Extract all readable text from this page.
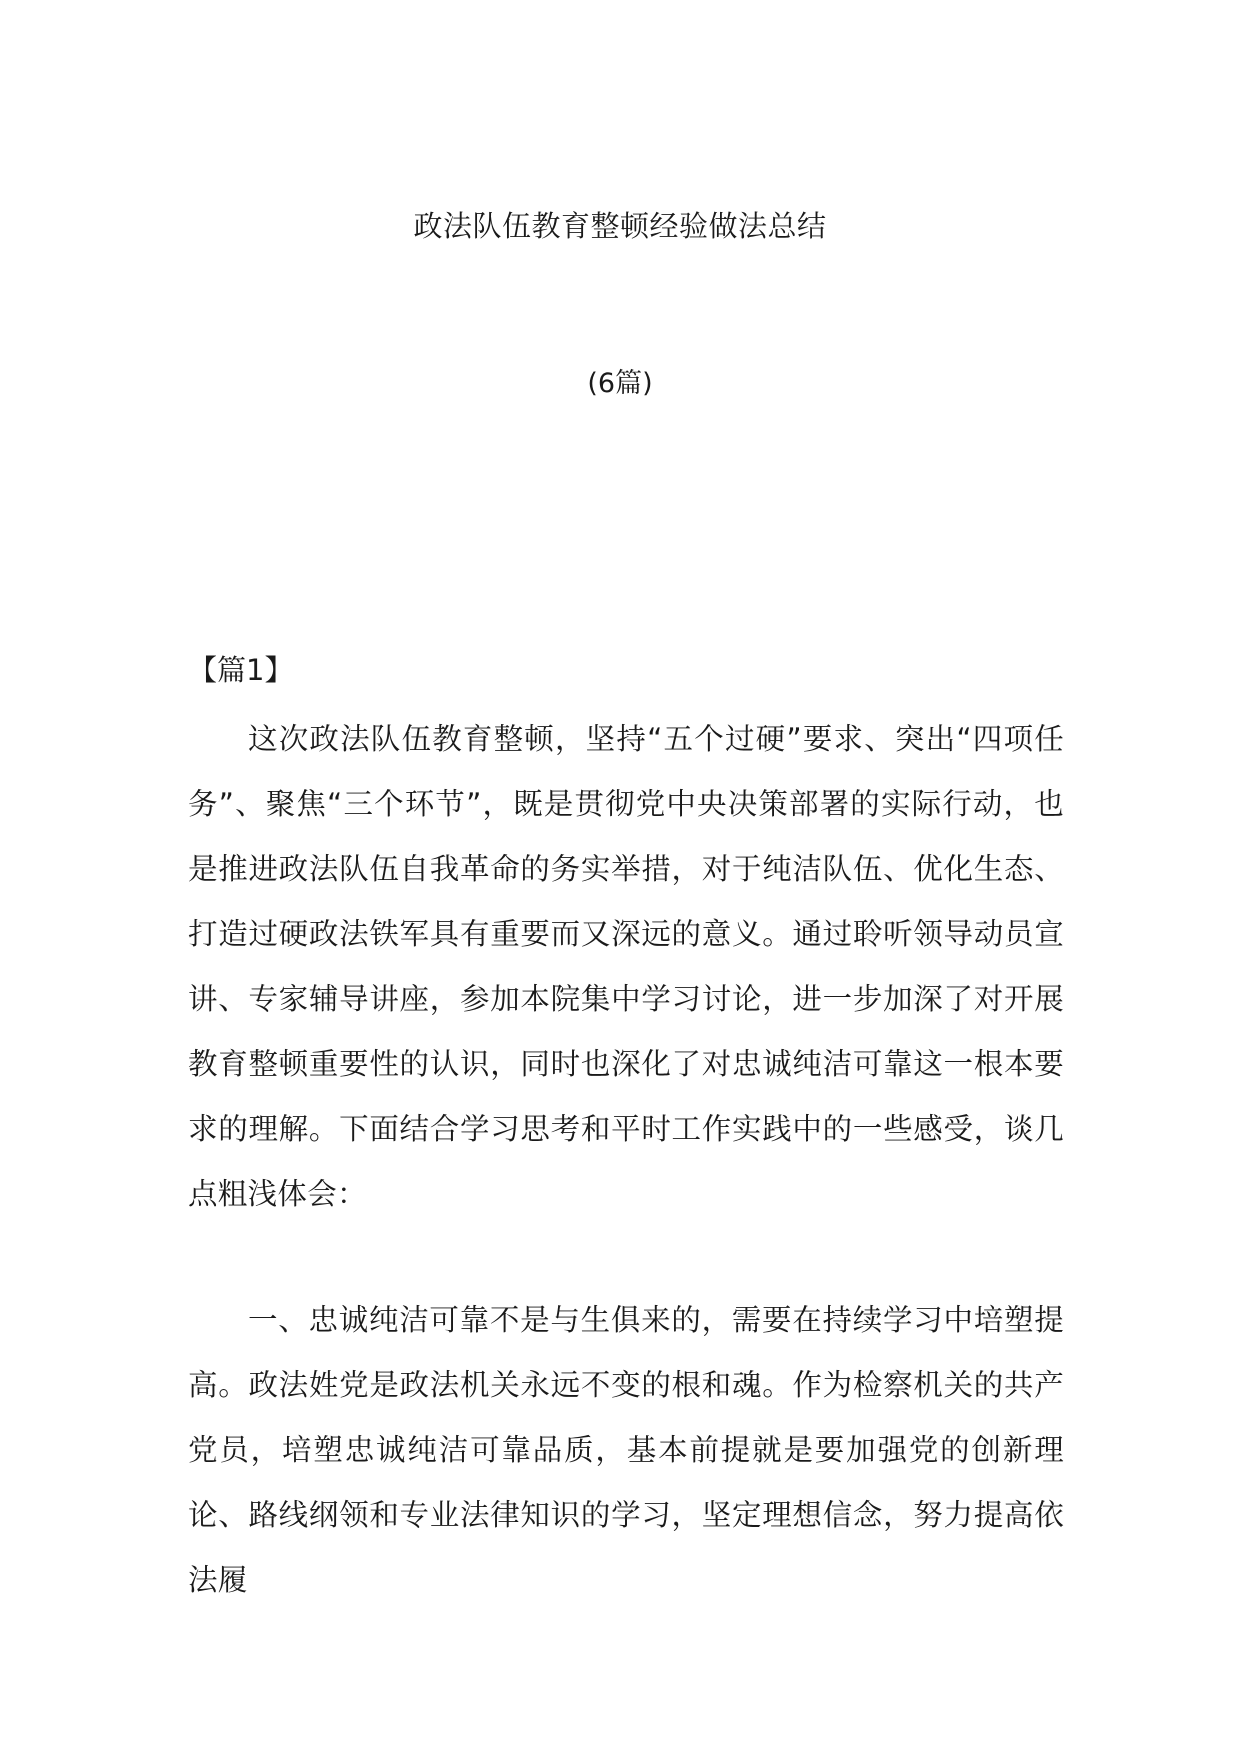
政法队伍教育整顿经验做法总结
(6篇)
【篇1】

这次政法队伍教育整顿，坚持“五个过硬”要求、突出“四项任务”、聚焦“三个环节”，既是贯彻党中央决策部署的实际行动，也是推进政法队伍自我革命的务实举措，对于纯洁队伍、优化生态、打造过硬政法铁军具有重要而又深远的意义。通过聆听领导动员宣讲、专家辅导讲座，参加本院集中学习讨论，进一步加深了对开展教育整顿重要性的认识，同时也深化了对忠诚纯洁可靠这一根本要求的理解。下面结合学习思考和平时工作实践中的一些感受，谈几点粗浅体会：

一、忠诚纯洁可靠不是与生俱来的，需要在持续学习中培塑提高。政法姓党是政法机关永远不变的根和魂。作为检察机关的共产党员，培塑忠诚纯洁可靠品质，基本前提就是要加强党的创新理论、路线纲领和专业法律知识的学习，坚定理想信念，努力提高依法履
